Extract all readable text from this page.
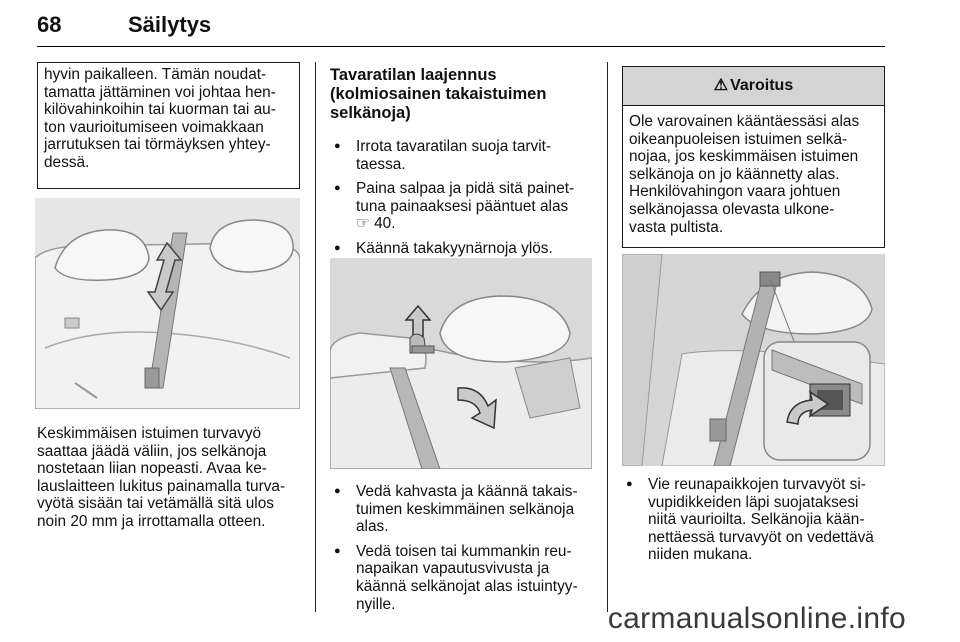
68	Säilytys
hyvin paikalleen. Tämän noudat-
tamatta jättäminen voi johtaa hen-
kilövahinkoihin tai kuorman tai au-
ton vaurioitumiseen voimakkaan
jarrutuksen tai törmäyksen yhtey-
dessä.
Keskimmäisen istuimen turvavyö
saattaa jäädä väliin, jos selkänoja
nostetaan liian nopeasti. Avaa ke-
lauslaitteen lukitus painamalla turva-
vyötä sisään tai vetämällä sitä ulos
noin 20 mm ja irrottamalla otteen.
Tavaratilan laajennus
(kolmiosainen takaistuimen
selkänoja)
● Irrota tavaratilan suoja tarvit-
taessa.
● Paina salpaa ja pidä sitä painet-
tuna painaaksesi pääntuet alas
☞ 40.
● Käännä takakyynärnoja ylös.
● Vedä kahvasta ja käännä takais-
tuimen keskimmäinen selkänoja
alas.
● Vedä toisen tai kummankin reu-
napaikan vapautusvivusta ja
käännä selkänojat alas istuintyy-
nyille.
⚠ Varoitus
Ole varovainen kääntäessäsi alas
oikeanpuoleisen istuimen selkä-
nojaa, jos keskimmäisen istuimen
selkänoja on jo käännetty alas.
Henkilövahingon vaara johtuen
selkänojassa olevasta ulkone-
vasta pultista.
● Vie reunapaikkojen turvavyöt si-
vupidikkeiden läpi suojataksesi
niitä vaurioilta. Selkänojia kään-
nettäessä turvavyöt on vedettävä
niiden mukana.
carmanualsonline.info
